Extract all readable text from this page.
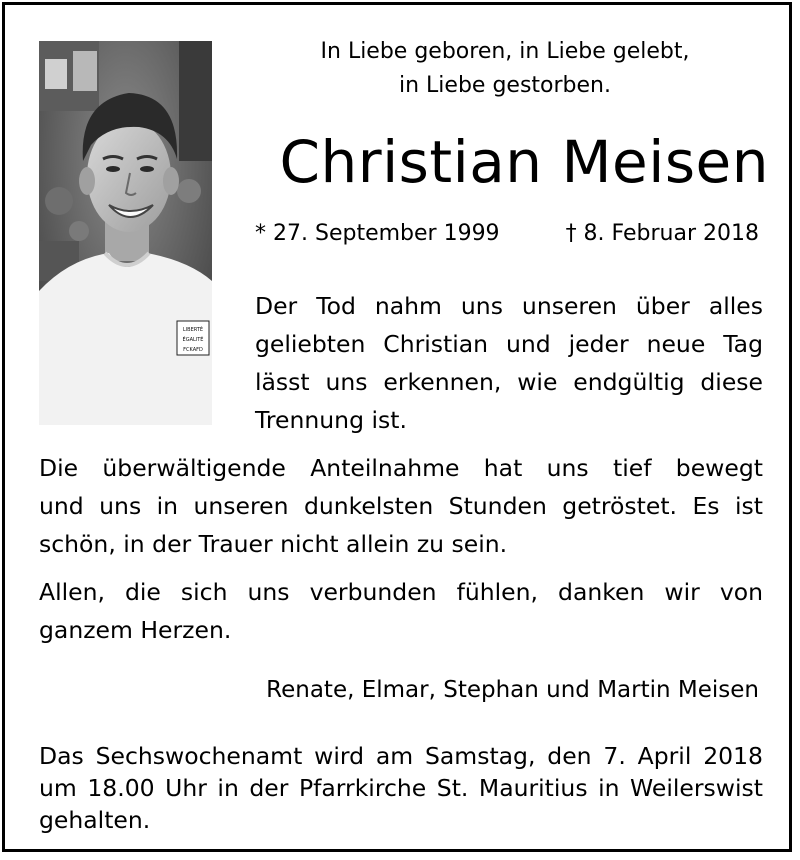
LIBERTÉ
ÉGALITÉ
FCKAFD
In Liebe geboren, in Liebe gelebt,
in Liebe gestorben.
Christian Meisen
* 27. September 1999	† 8. Februar 2018
Der Tod nahm uns unseren über alles
geliebten Christian und jeder neue Tag
lässt uns erkennen, wie endgültig diese
Trennung ist.
Die überwältigende Anteilnahme hat uns tief bewegt
und uns in unseren dunkelsten Stunden getröstet. Es ist
schön, in der Trauer nicht allein zu sein.
Allen, die sich uns verbunden fühlen, danken wir von
ganzem Herzen.
Renate, Elmar, Stephan und Martin Meisen
Das Sechswochenamt wird am Samstag, den 7. April 2018
um 18.00 Uhr in der Pfarrkirche St. Mauritius in Weilerswist
gehalten.
